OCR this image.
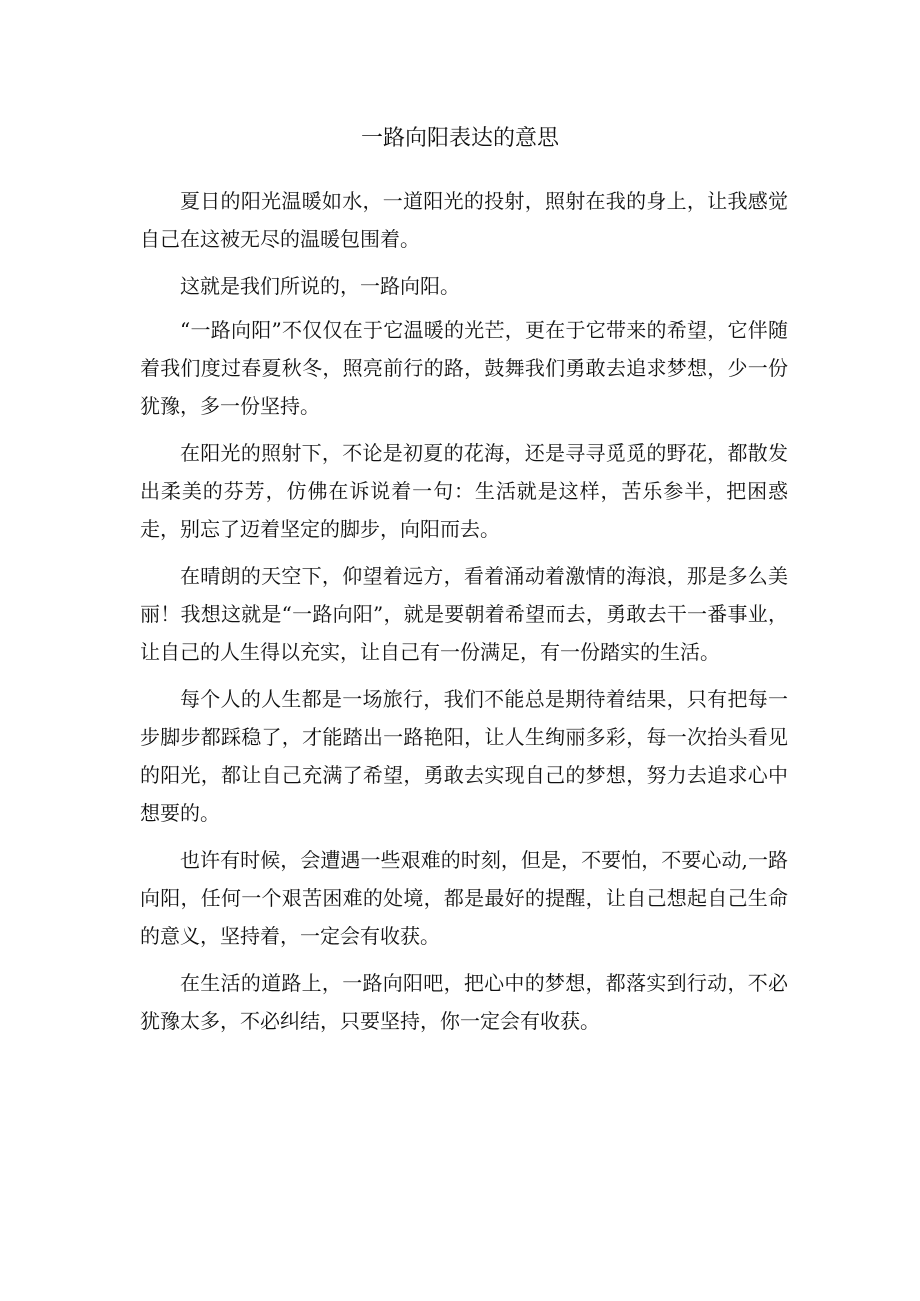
一路向阳表达的意思

夏日的阳光温暖如水，一道阳光的投射，照射在我的身上，让我感觉自己在这被无尽的温暖包围着。

这就是我们所说的，一路向阳。

“一路向阳”不仅仅在于它温暖的光芒，更在于它带来的希望，它伴随着我们度过春夏秋冬，照亮前行的路，鼓舞我们勇敢去追求梦想，少一份犹豫，多一份坚持。

在阳光的照射下，不论是初夏的花海，还是寻寻觅觅的野花，都散发出柔美的芬芳，仿佛在诉说着一句：生活就是这样，苦乐参半，把困惑走，别忘了迈着坚定的脚步，向阳而去。

在晴朗的天空下，仰望着远方，看着涌动着激情的海浪，那是多么美丽！我想这就是“一路向阳”，就是要朝着希望而去，勇敢去干一番事业，让自己的人生得以充实，让自己有一份满足，有一份踏实的生活。

每个人的人生都是一场旅行，我们不能总是期待着结果，只有把每一步脚步都踩稳了，才能踏出一路艳阳，让人生绚丽多彩，每一次抬头看见的阳光，都让自己充满了希望，勇敢去实现自己的梦想，努力去追求心中想要的。

也许有时候，会遭遇一些艰难的时刻，但是，不要怕，不要心动,一路向阳，任何一个艰苦困难的处境，都是最好的提醒，让自己想起自己生命的意义，坚持着，一定会有收获。

在生活的道路上，一路向阳吧，把心中的梦想，都落实到行动，不必犹豫太多，不必纠结，只要坚持，你一定会有收获。
